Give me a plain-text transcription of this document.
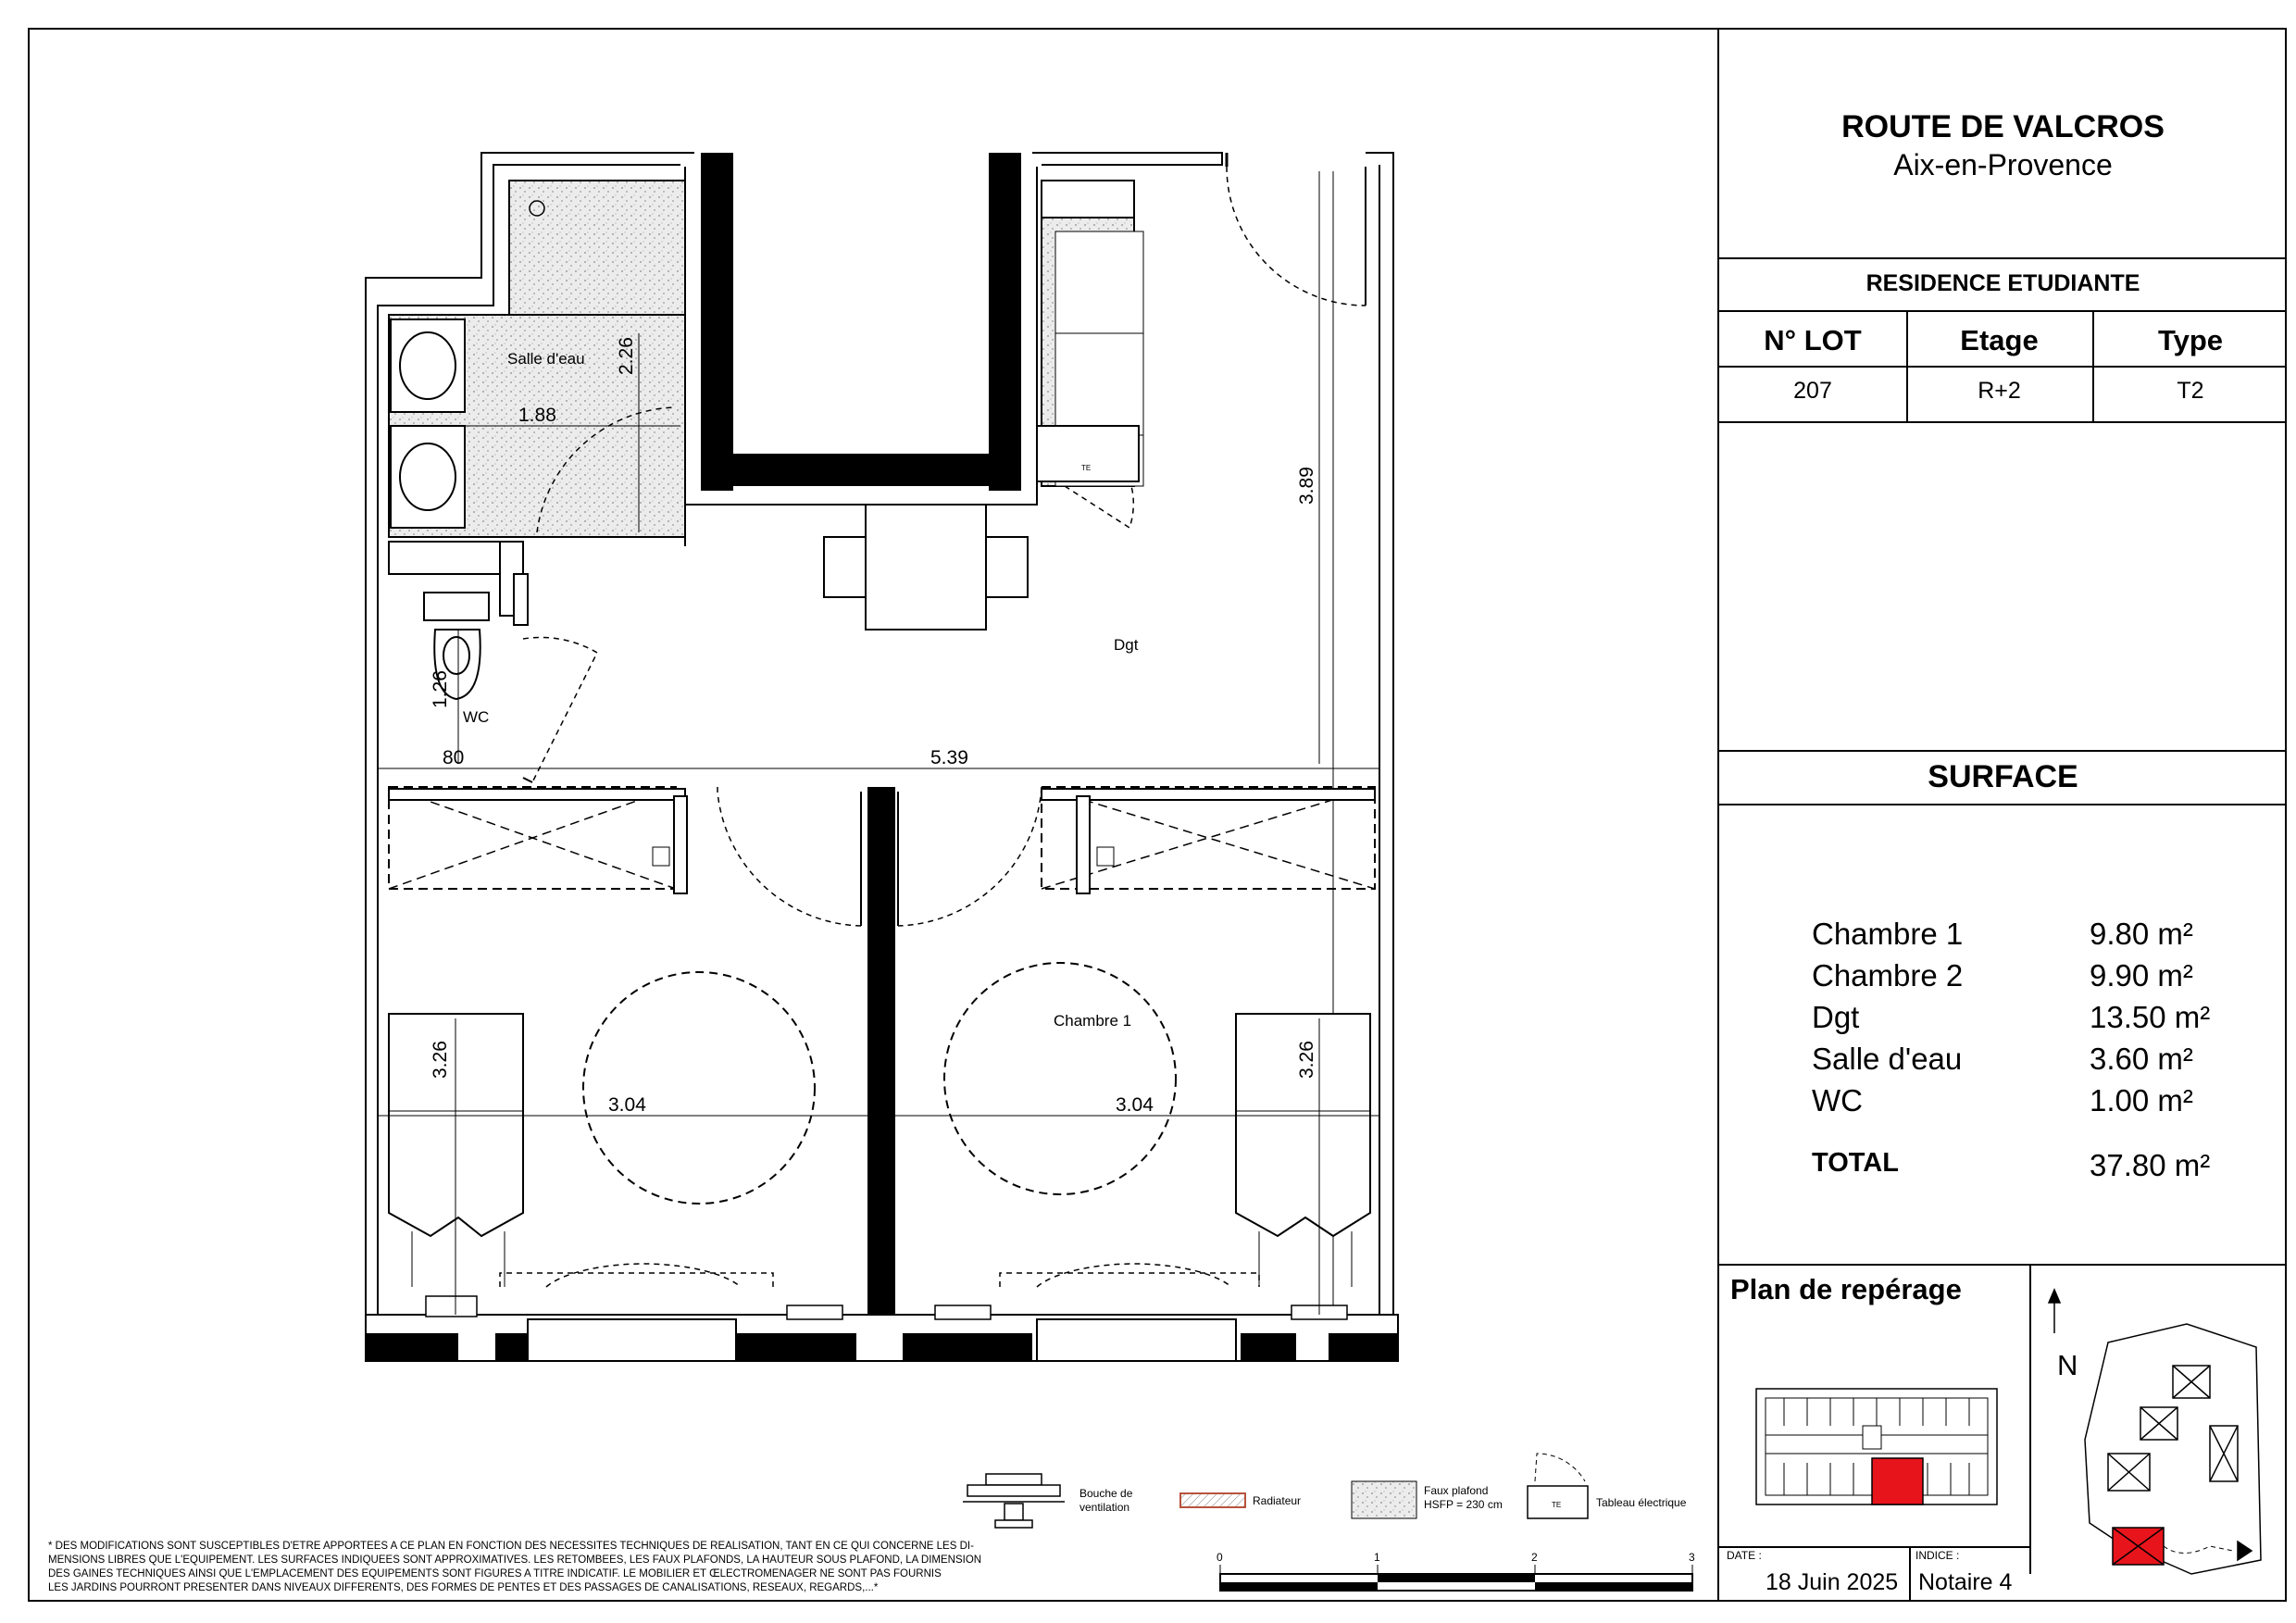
TE
Salle d'eau
Dgt
WC
Chambre 1
2.26
1.88
3.89
1.26
80	5.39
3.26
3.04	3.04
3.26
TE
0	1	2	3
Bouche de
ventilation	Radiateur
Faux plafond
HSFP = 230 cm	Tableau électrique
* DES MODIFICATIONS SONT SUSCEPTIBLES D'ETRE APPORTEES A CE PLAN EN FONCTION DES NECESSITES TECHNIQUES DE REALISATION, TANT EN CE QUI CONCERNE LES DI-
MENSIONS LIBRES QUE L'EQUIPEMENT. LES SURFACES INDIQUEES SONT APPROXIMATIVES. LES RETOMBEES, LES FAUX PLAFONDS, LA HAUTEUR SOUS PLAFOND, LA DIMENSION
DES GAINES TECHNIQUES AINSI QUE L'EMPLACEMENT DES EQUIPEMENTS SONT FIGURES A TITRE INDICATIF. LE MOBILIER ET ŒLECTROMENAGER NE SONT PAS FOURNIS
LES JARDINS POURRONT PRESENTER DANS NIVEAUX DIFFERENTS, DES FORMES DE PENTES ET DES PASSAGES DE CANALISATIONS, RESEAUX, REGARDS,...*
ROUTE DE VALCROS
Aix-en-Provence
RESIDENCE ETUDIANTE
N° LOT	Etage	Type
207	R+2	T2
SURFACE
Chambre 1	9.80 m²
Chambre 2	9.90 m²
Dgt	13.50 m²
Salle d'eau	3.60 m²
WC	1.00 m²
TOTAL	37.80 m²
Plan de repérage
N
DATE :
18 Juin 2025
INDICE :
Notaire 4
